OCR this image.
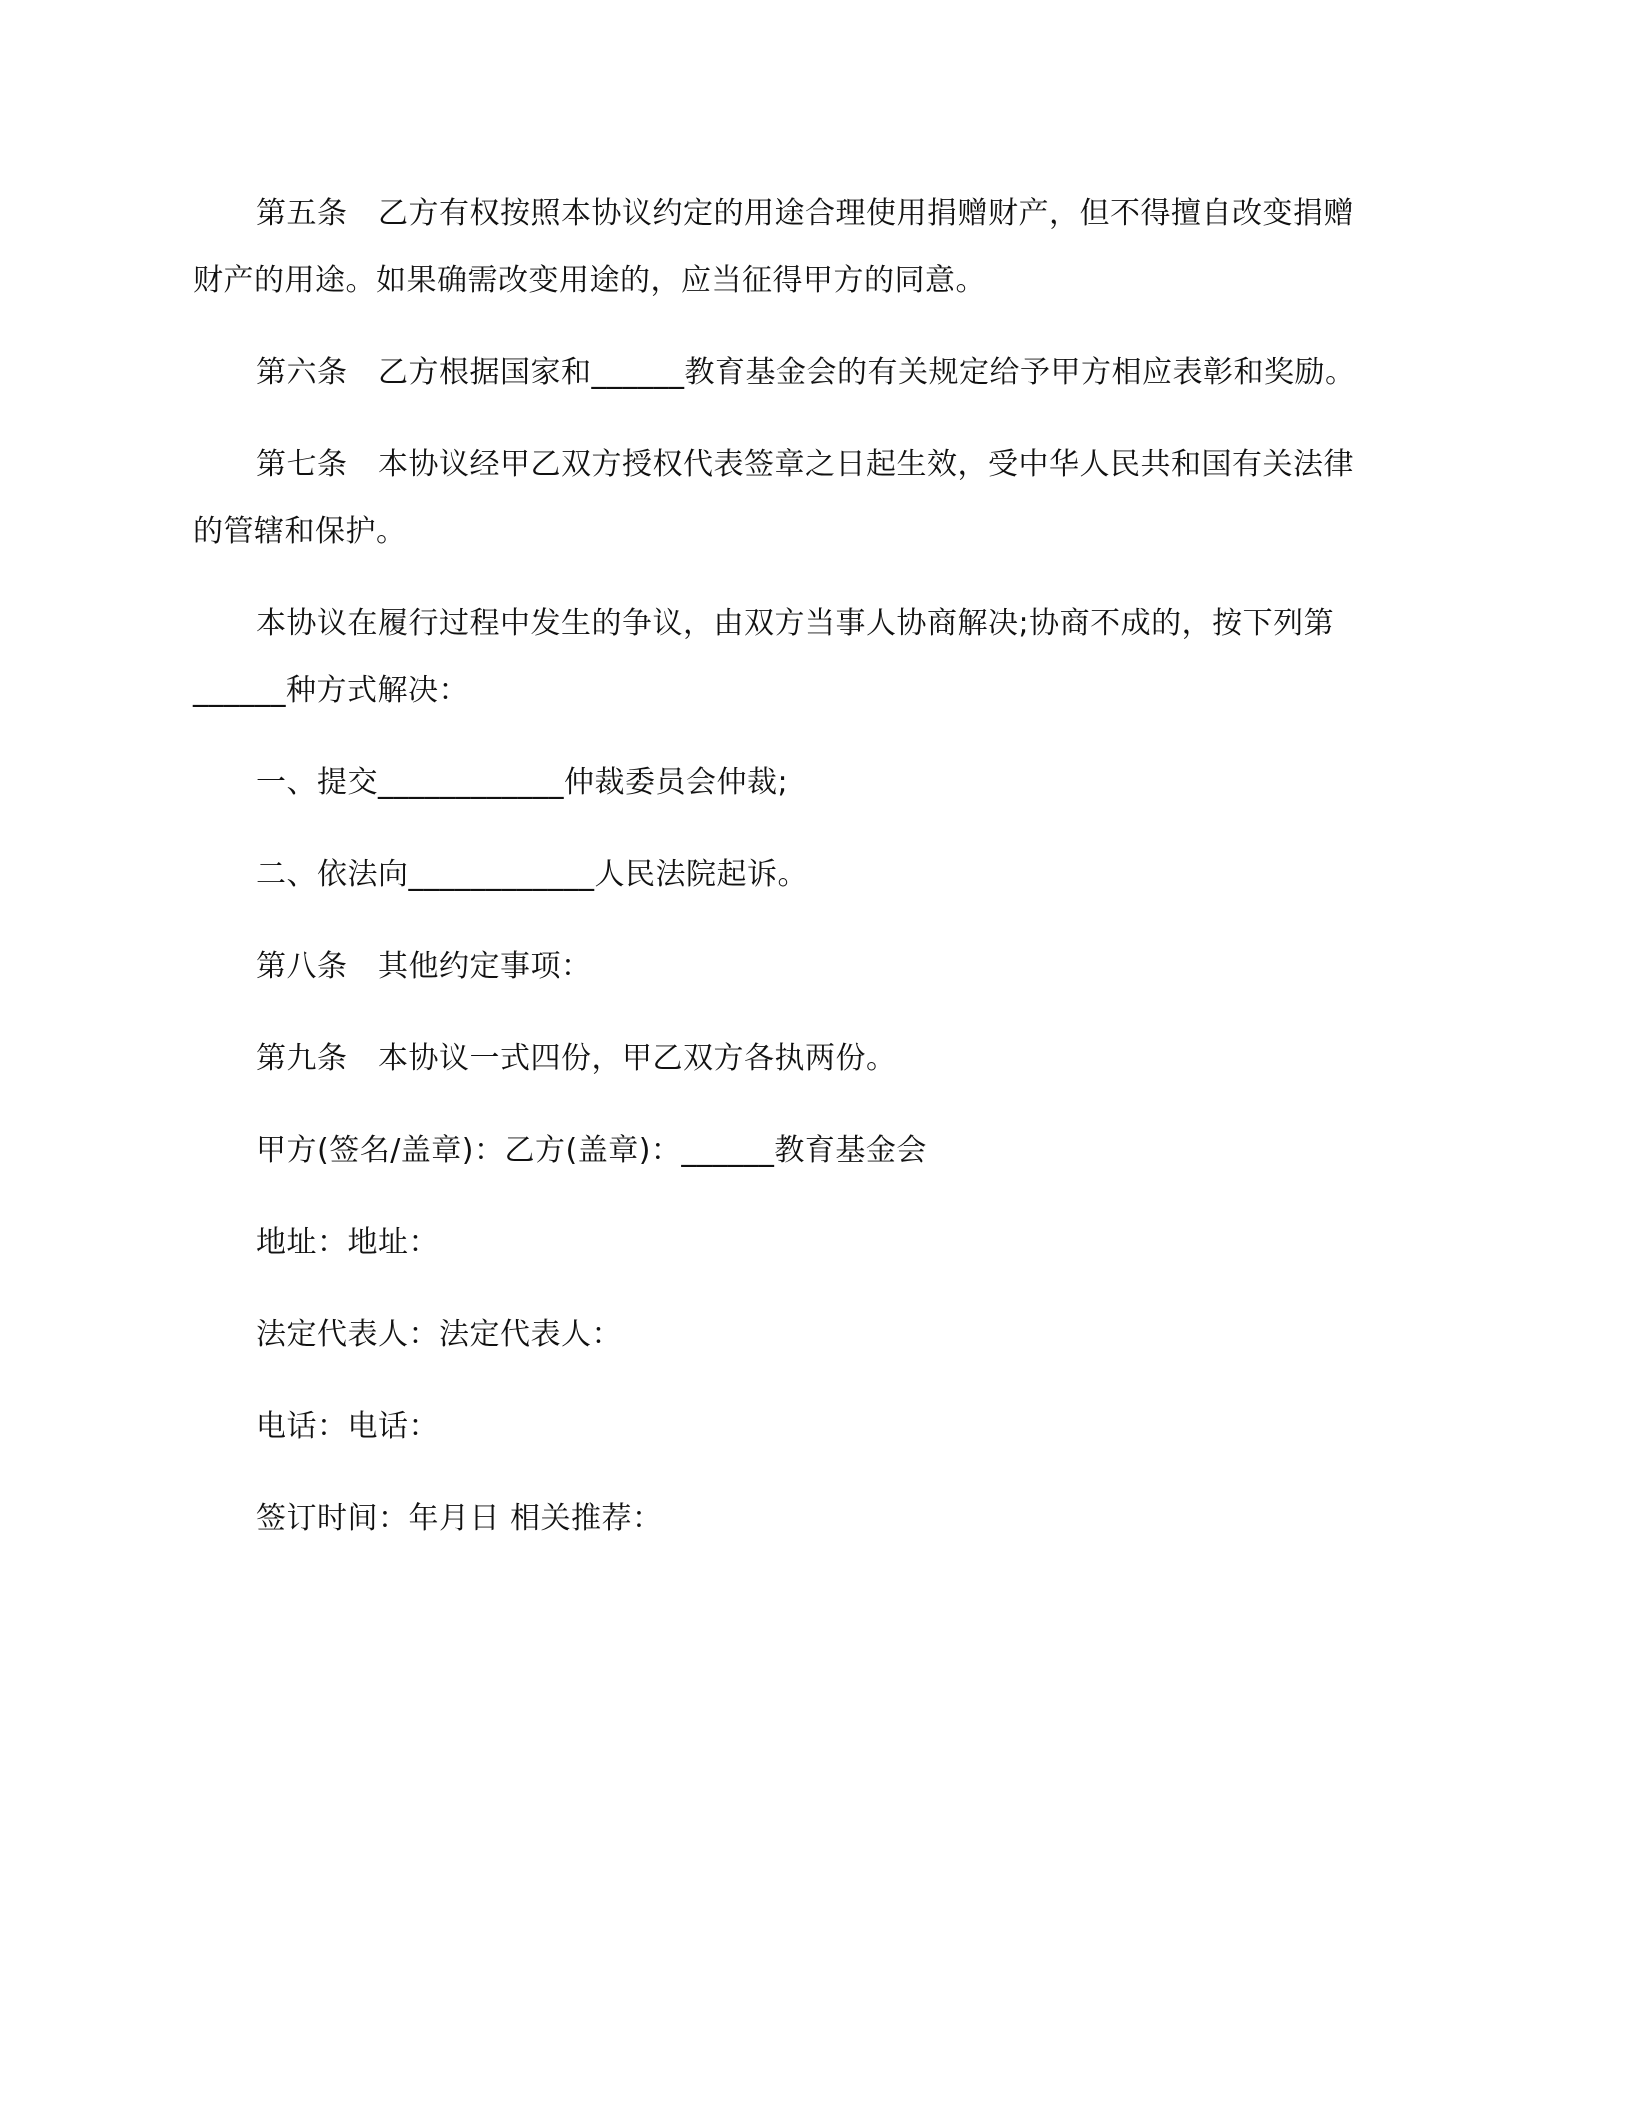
第五条　乙方有权按照本协议约定的用途合理使用捐赠财产，但不得擅自改变捐赠
财产的用途。如果确需改变用途的，应当征得甲方的同意。
第六条　乙方根据国家和______教育基金会的有关规定给予甲方相应表彰和奖励。
第七条　本协议经甲乙双方授权代表签章之日起生效，受中华人民共和国有关法律
的管辖和保护。
本协议在履行过程中发生的争议，由双方当事人协商解决;协商不成的，按下列第
______种方式解决：
一、提交____________仲裁委员会仲裁;
二、依法向____________人民法院起诉。
第八条　其他约定事项：
第九条　本协议一式四份，甲乙双方各执两份。
甲方(签名/盖章)：乙方(盖章)：______教育基金会
地址：地址：
法定代表人：法定代表人：
电话：电话：
签订时间：年月日 相关推荐：
